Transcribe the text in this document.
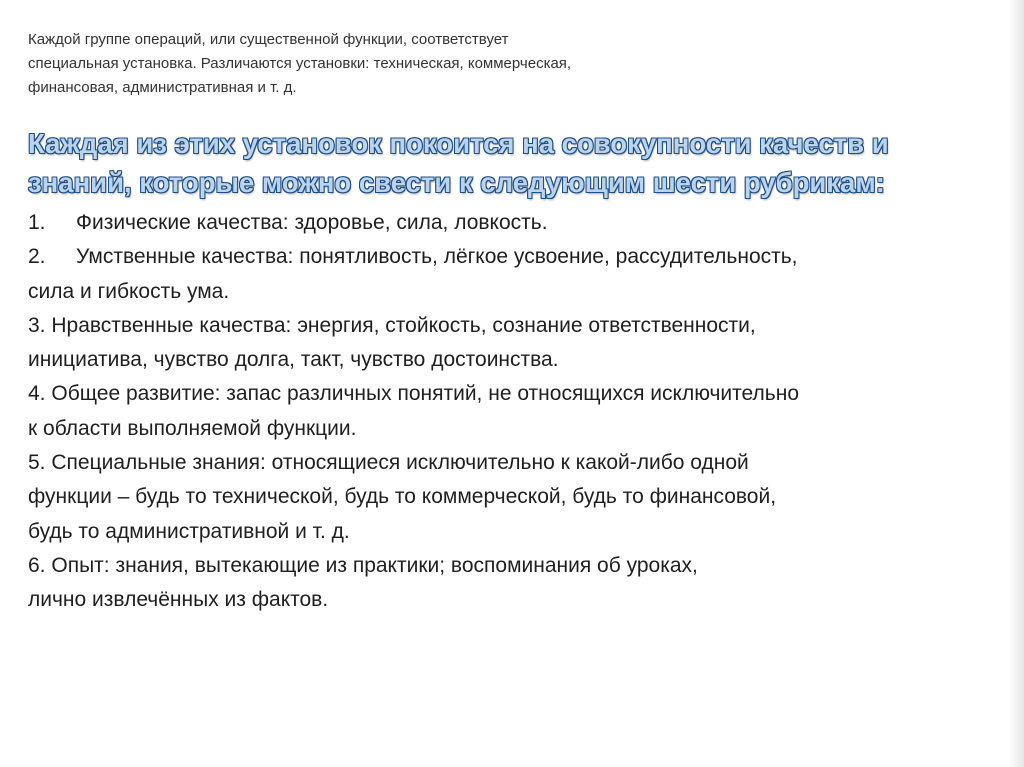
Каждой группе операций, или существенной функции, соответствует
специальная установка. Различаются установки: техническая, коммерческая,
финансовая, административная и т. д.
Каждая из этих установок покоится на совокупности качеств и
знаний, которые можно свести к следующим шести рубрикам:
1. Физические качества: здоровье, сила, ловкость.
2. Умственные качества: понятливость, лёгкое усвоение, рассудительность,
сила и гибкость ума.
3. Нравственные качества: энергия, стойкость, сознание ответственности,
инициатива, чувство долга, такт, чувство достоинства.
4. Общее развитие: запас различных понятий, не относящихся исключительно
к области выполняемой функции.
5. Специальные знания: относящиеся исключительно к какой-либо одной
функции – будь то технической, будь то коммерческой, будь то финансовой,
будь то административной и т. д.
6. Опыт: знания, вытекающие из практики; воспоминания об уроках,
лично извлечённых из фактов.
